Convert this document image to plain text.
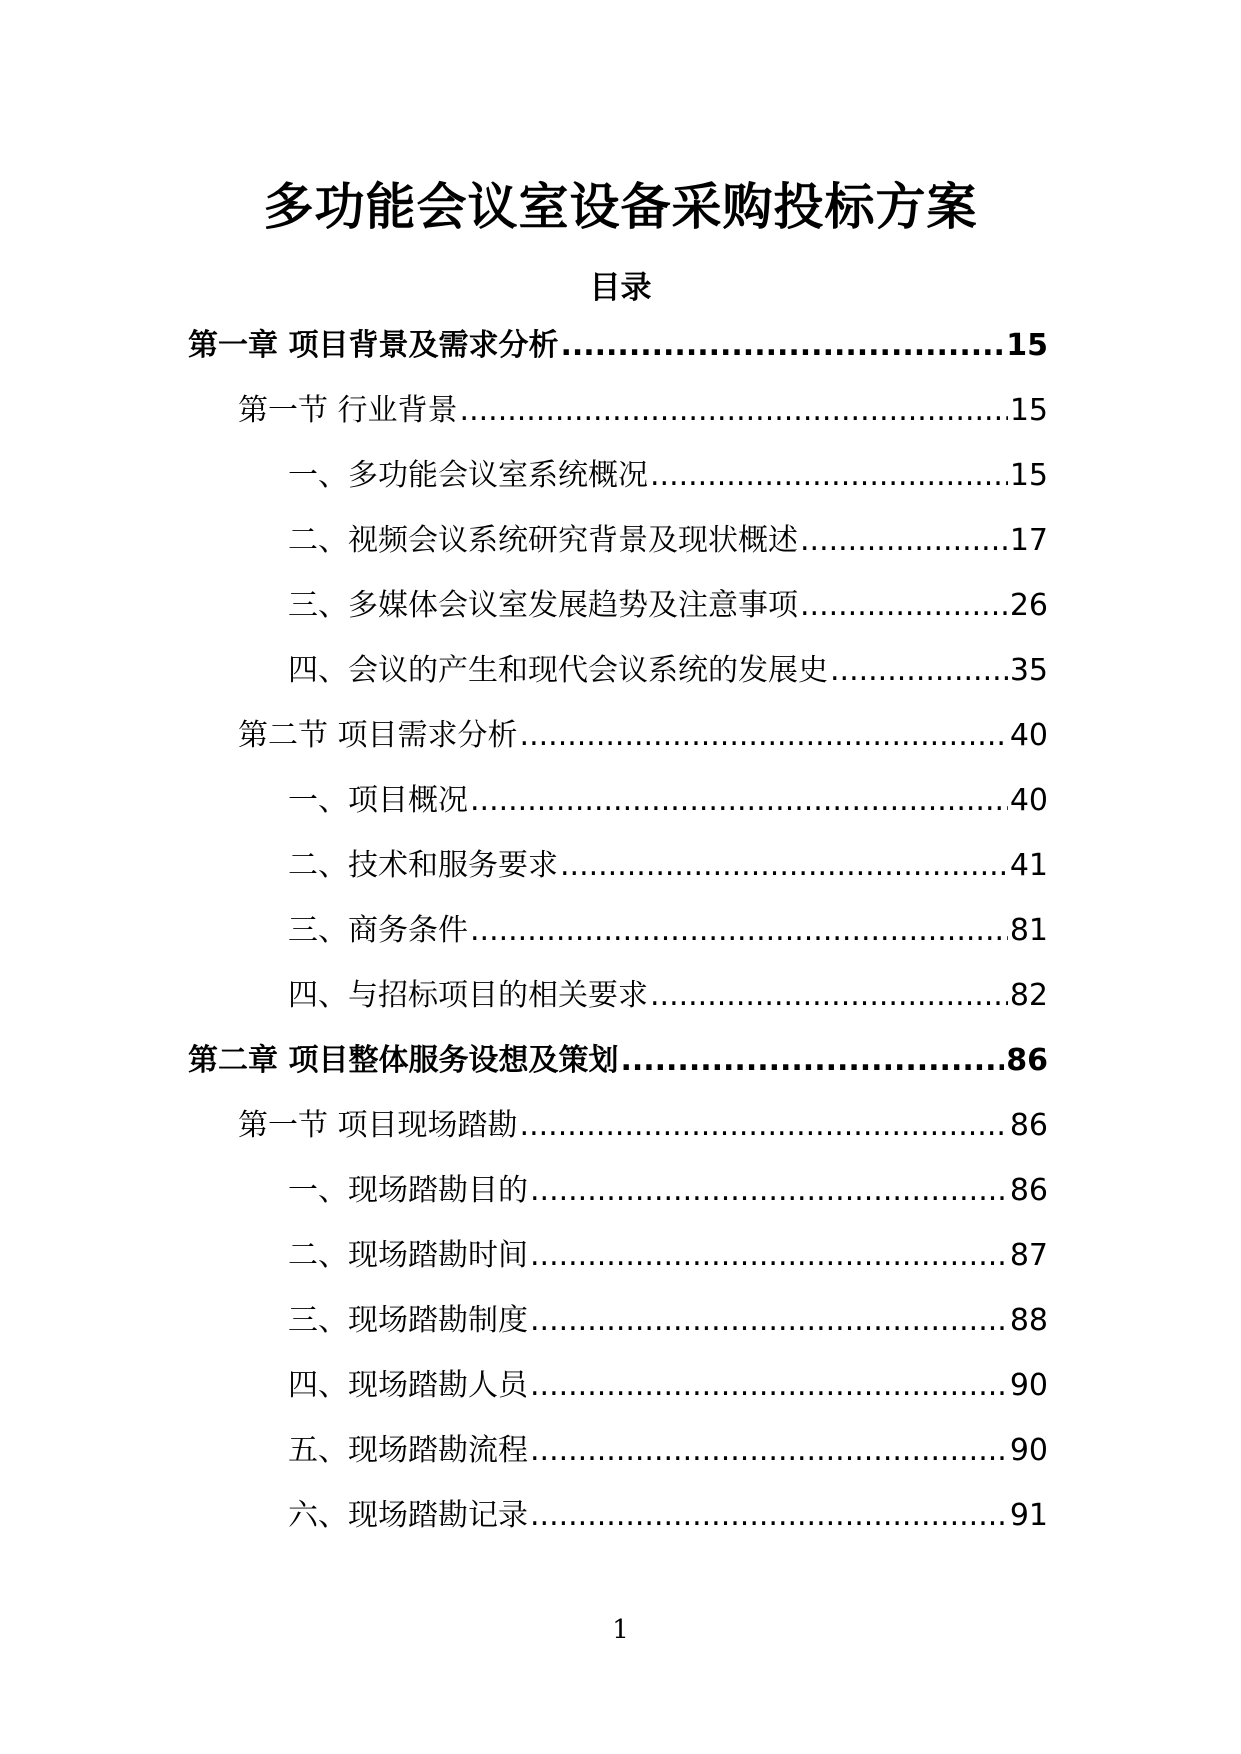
多功能会议室设备采购投标方案
目录
第一章 项目背景及需求分析 .....	15
第一节 行业背景 .....	15
一、多功能会议室系统概况 .....	15
二、视频会议系统研究背景及现状概述 .....	17
三、多媒体会议室发展趋势及注意事项 .....	26
四、会议的产生和现代会议系统的发展史 .....	35
第二节 项目需求分析 .....	40
一、项目概况 .....	40
二、技术和服务要求 .....	41
三、商务条件 .....	81
四、与招标项目的相关要求 .....	82
第二章 项目整体服务设想及策划 .....	86
第一节 项目现场踏勘 .....	86
一、现场踏勘目的 .....	86
二、现场踏勘时间 .....	87
三、现场踏勘制度 .....	88
四、现场踏勘人员 .....	90
五、现场踏勘流程 .....	90
六、现场踏勘记录 .....	91
1
